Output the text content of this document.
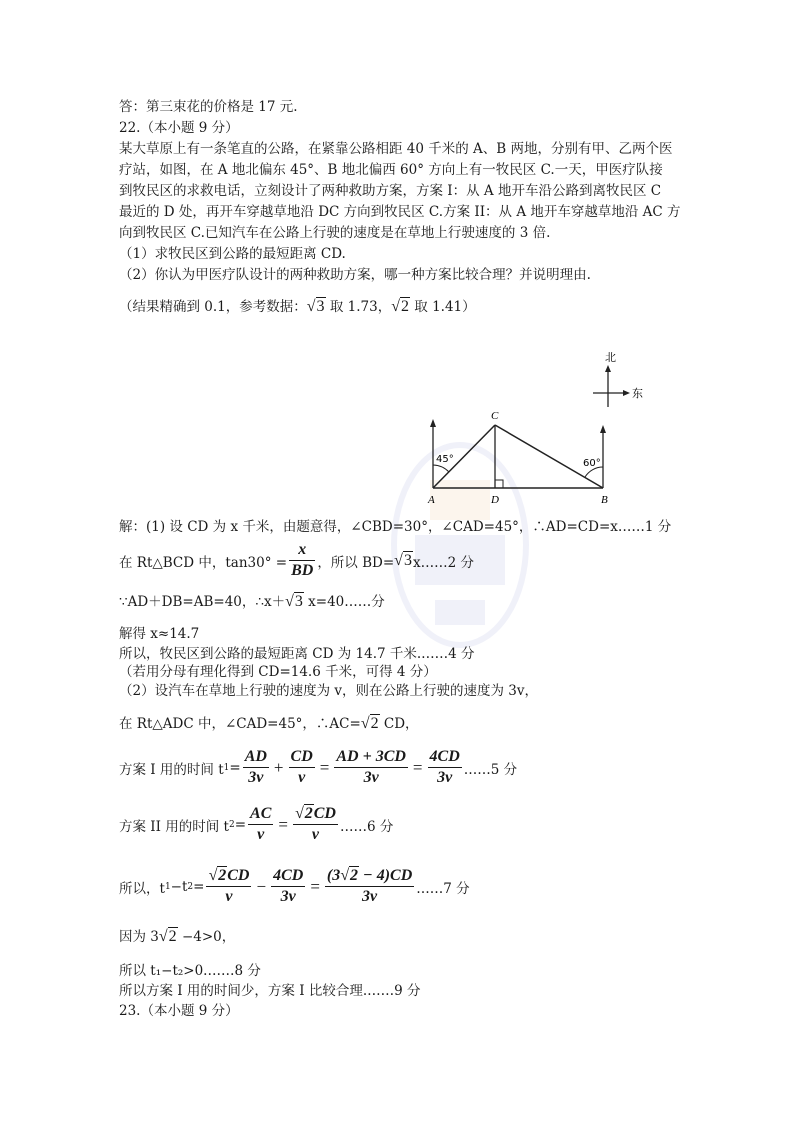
答：第三束花的价格是 17 元.
22.（本小题 9 分）
某大草原上有一条笔直的公路，在紧靠公路相距 40 千米的 A、B 两地，分别有甲、乙两个医
疗站，如图，在 A 地北偏东 45°、B 地北偏西 60° 方向上有一牧民区 C.一天，甲医疗队接
到牧民区的求救电话，立刻设计了两种救助方案，方案 I：从 A 地开车沿公路到离牧民区 C
最近的 D 处，再开车穿越草地沿 DC 方向到牧民区 C.方案 II：从 A 地开车穿越草地沿 AC 方
向到牧民区 C.已知汽车在公路上行驶的速度是在草地上行驶速度的 3 倍.
（1）求牧民区到公路的最短距离 CD.
（2）你认为甲医疗队设计的两种救助方案，哪一种方案比较合理？并说明理由.
（结果精确到 0.1，参考数据：√3 取 1.73，√2 取 1.41）
北
东
45°	60°
C
A	D	B
解：(1) 设 CD 为 x 千米，由题意得，∠CBD=30°，∠CAD=45°，∴AD=CD=x……1 分
在 Rt△BCD 中，$\tan 30^\circ = \frac{x}{BD}$ ，所以 BD= √3 x……2 分
∵AD＋DB=AB=40，∴x＋√3 x=40……分
解得 x≈14.7
所以，牧民区到公路的最短距离 CD 为 14.7 千米.……4 分
（若用分母有理化得到 CD=14.6 千米，可得 4 分）
（2）设汽车在草地上行驶的速度为 v，则在公路上行驶的速度为 3v，
在 Rt△ADC 中，∠CAD=45°，∴AC=√2 CD，
方案 I 用的时间 t $1 = \frac{AD}{3v} + \frac{CD}{v} = \frac{AD + 3CD}{3v} = \frac{4CD}{3v}$ ……5 分
方案 II 用的时间 t $2 = \frac{AC}{v} = \frac{√2CD}{v}$ ……6 分
所以，t 1 −t $2 = \frac{√2CD}{v} - \frac{4CD}{3v} = \frac{(3√2 - 4)CD}{3v}$ ……7 分
因为 3√2 −4>0，
所以 t₁−t₂>0.……8 分
所以方案 I 用的时间少，方案 I 比较合理.……9 分
23.（本小题 9 分）
